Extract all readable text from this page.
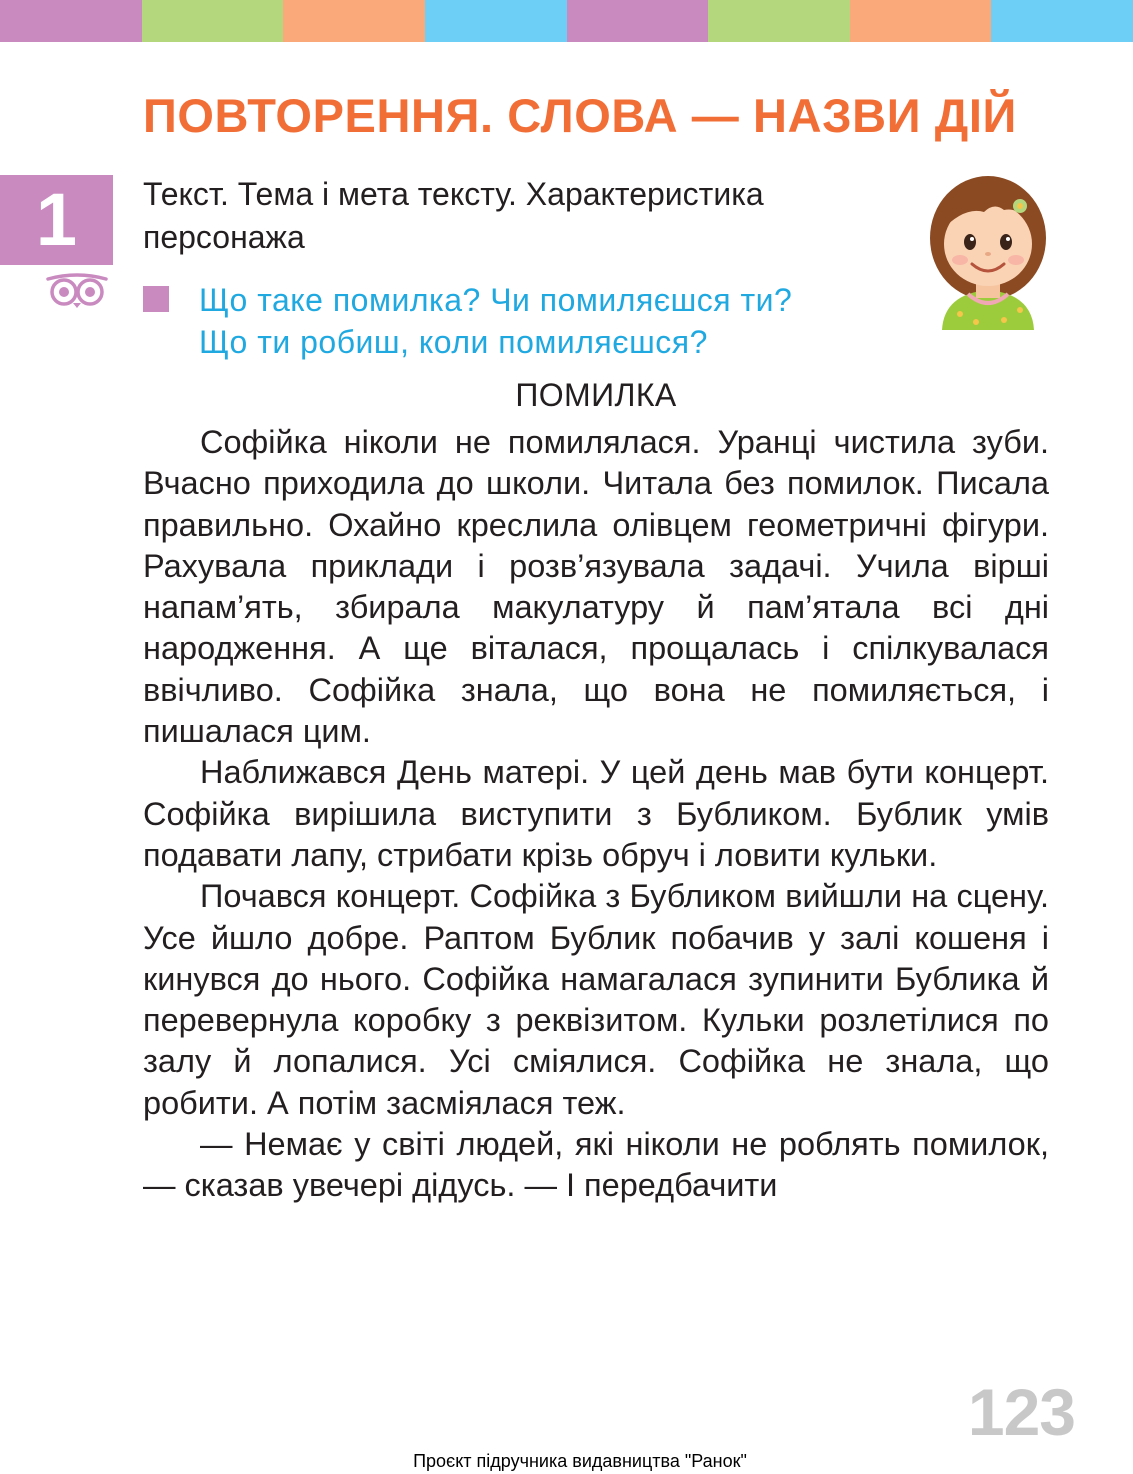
ПОВТОРЕННЯ. СЛОВА — НАЗВИ ДІЙ
1	Текст. Тема і мета тексту. Характеристика персонажа

Що таке помилка? Чи помиляєшся ти?

Що ти робиш, коли помиляєшся?

ПОМИЛКА

Софійка ніколи не помилялася. Уранці чистила зуби. Вчасно приходила до школи. Читала без помилок. Писала правильно. Охайно креслила олівцем геометричні фігури. Рахувала приклади і розв’язувала задачі. Учила вірші напам’ять, збирала макулатуру й пам’ятала всі дні народження. А ще віталася, прощалась і спілкувалася ввічливо. Софійка знала, що вона не помиляється, і пишалася цим.

Наближався День матері. У цей день мав бути концерт. Софійка вирішила виступити з Бубликом. Бублик умів подавати лапу, стрибати крізь обруч і ловити кульки.

Почався концерт. Софійка з Бубликом вийшли на сцену. Усе йшло добре. Раптом Бублик побачив у залі кошеня і кинувся до нього. Софійка намагалася зупинити Бублика й перевернула коробку з реквізитом. Кульки розлетілися по залу й лопалися. Усі сміялися. Софійка не знала, що робити. А потім засміялася теж.

— Немає у світі людей, які ніколи не роблять помилок, — сказав увечері дідусь. — І передбачити

123
Проєкт підручника видавництва "Ранок"
